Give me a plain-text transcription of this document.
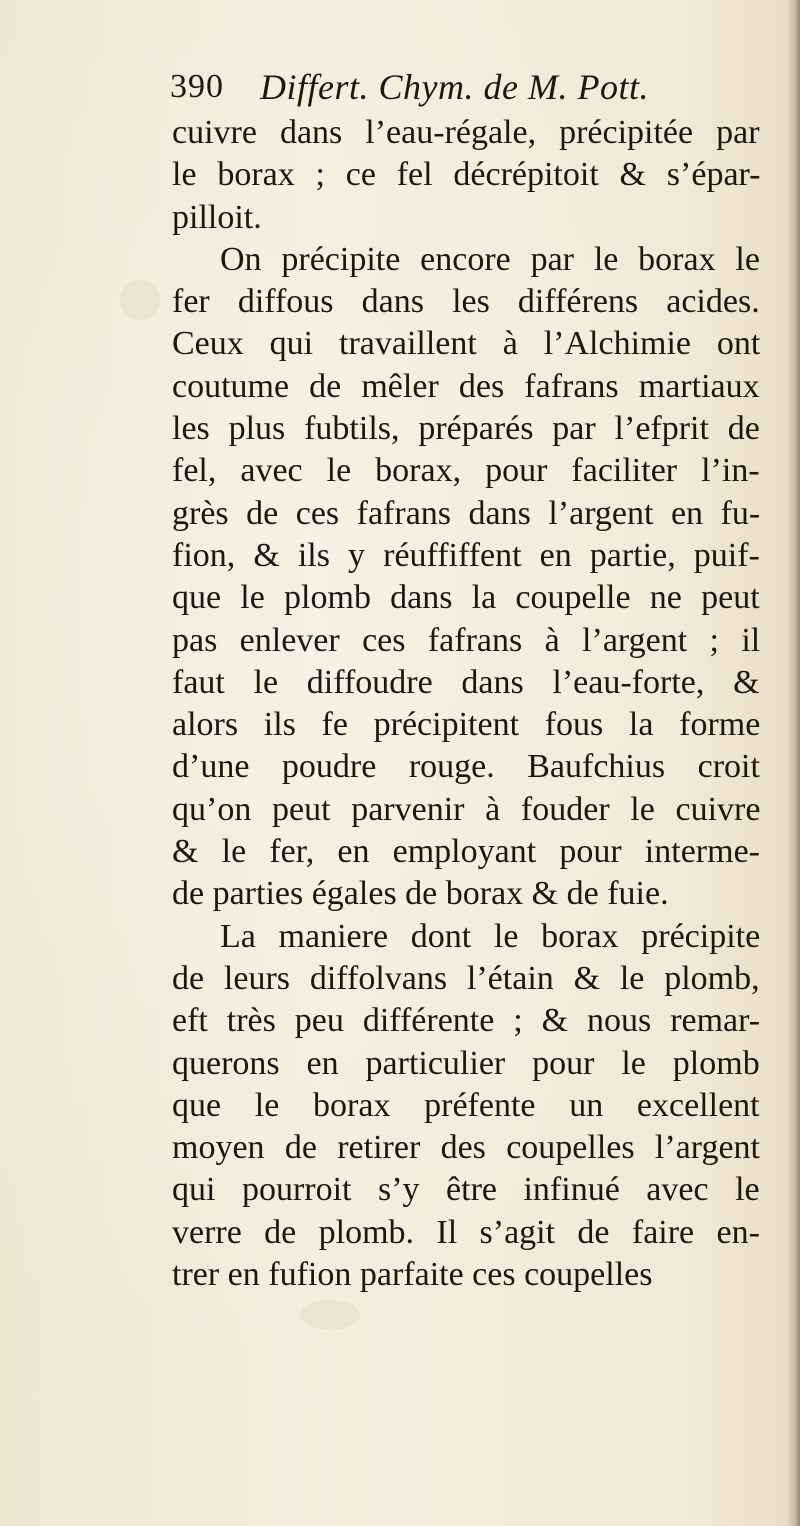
390 Differt. Chym. de M. Pott.
cuivre dans l’eau-régale, précipitée par
le borax ; ce fel décrépitoit & s’épar-
pilloit.
On précipite encore par le borax le
fer diffous dans les différens acides.
Ceux qui travaillent à l’Alchimie ont
coutume de mêler des fafrans martiaux
les plus fubtils, préparés par l’efprit de
fel, avec le borax, pour faciliter l’in-
grès de ces fafrans dans l’argent en fu-
fion, & ils y réuffiffent en partie, puif-
que le plomb dans la coupelle ne peut
pas enlever ces fafrans à l’argent ; il
faut le diffoudre dans l’eau-forte, &
alors ils fe précipitent fous la forme
d’une poudre rouge. Baufchius croit
qu’on peut parvenir à fouder le cuivre
& le fer, en employant pour interme-
de parties égales de borax & de fuie.
La maniere dont le borax précipite
de leurs diffolvans l’étain & le plomb,
eft très peu différente ; & nous remar-
querons en particulier pour le plomb
que le borax préfente un excellent
moyen de retirer des coupelles l’argent
qui pourroit s’y être infinué avec le
verre de plomb. Il s’agit de faire en-
trer en fufion parfaite ces coupelles
